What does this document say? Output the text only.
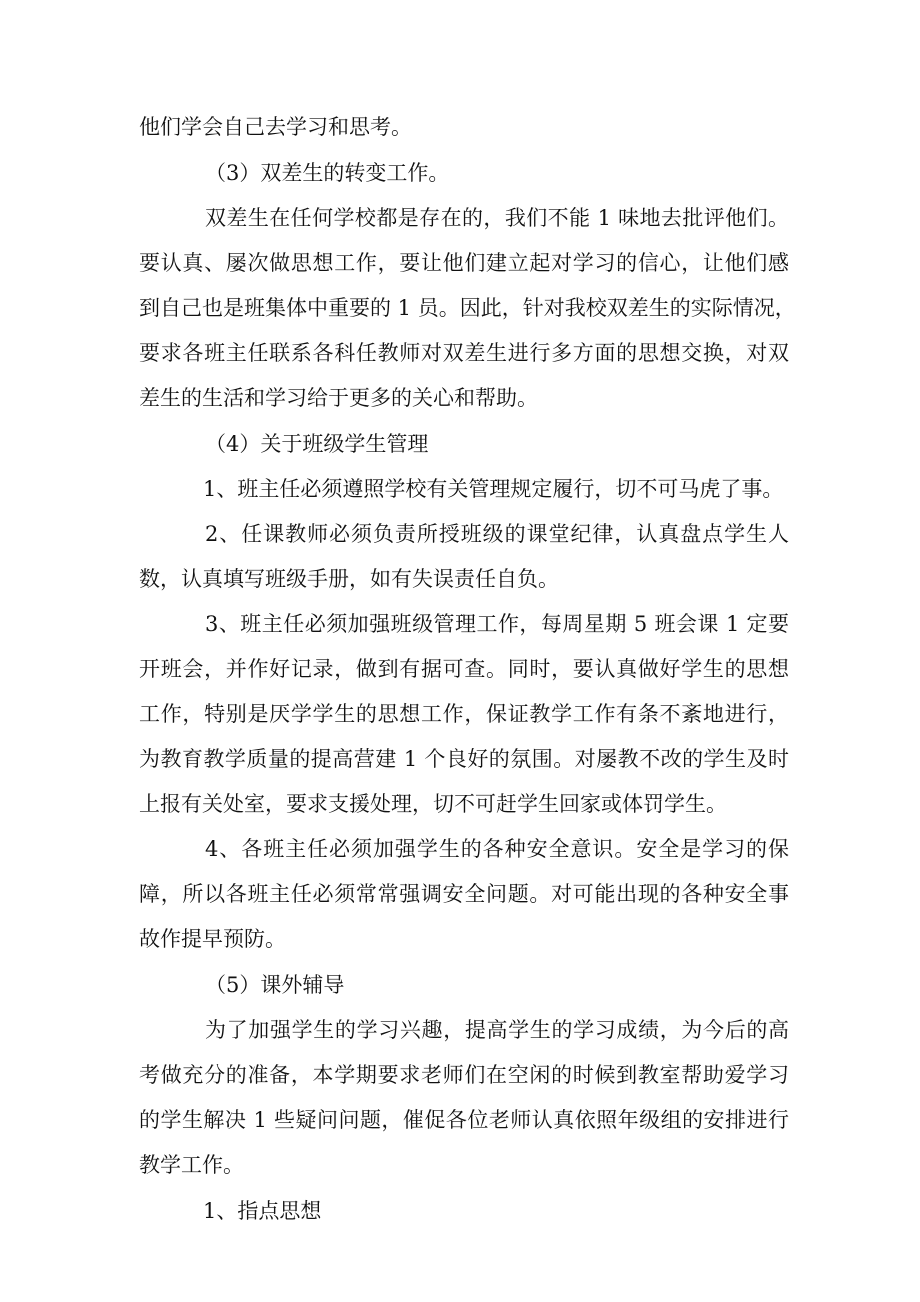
他们学会自己去学习和思考。
（3）双差生的转变工作。
双差生在任何学校都是存在的，我们不能 1 味地去批评他们。
要认真、屡次做思想工作，要让他们建立起对学习的信心，让他们感
到自己也是班集体中重要的 1 员。因此，针对我校双差生的实际情况，
要求各班主任联系各科任教师对双差生进行多方面的思想交换，对双
差生的生活和学习给于更多的关心和帮助。
（4）关于班级学生管理
1、班主任必须遵照学校有关管理规定履行，切不可马虎了事。
2、任课教师必须负责所授班级的课堂纪律，认真盘点学生人
数，认真填写班级手册，如有失误责任自负。
3、班主任必须加强班级管理工作，每周星期 5 班会课 1 定要
开班会，并作好记录，做到有据可查。同时，要认真做好学生的思想
工作，特别是厌学学生的思想工作，保证教学工作有条不紊地进行，
为教育教学质量的提高营建 1 个良好的氛围。对屡教不改的学生及时
上报有关处室，要求支援处理，切不可赶学生回家或体罚学生。
4、各班主任必须加强学生的各种安全意识。安全是学习的保
障，所以各班主任必须常常强调安全问题。对可能出现的各种安全事
故作提早预防。
（5）课外辅导
为了加强学生的学习兴趣，提高学生的学习成绩，为今后的高
考做充分的准备，本学期要求老师们在空闲的时候到教室帮助爱学习
的学生解决 1 些疑问问题，催促各位老师认真依照年级组的安排进行
教学工作。
1、指点思想
